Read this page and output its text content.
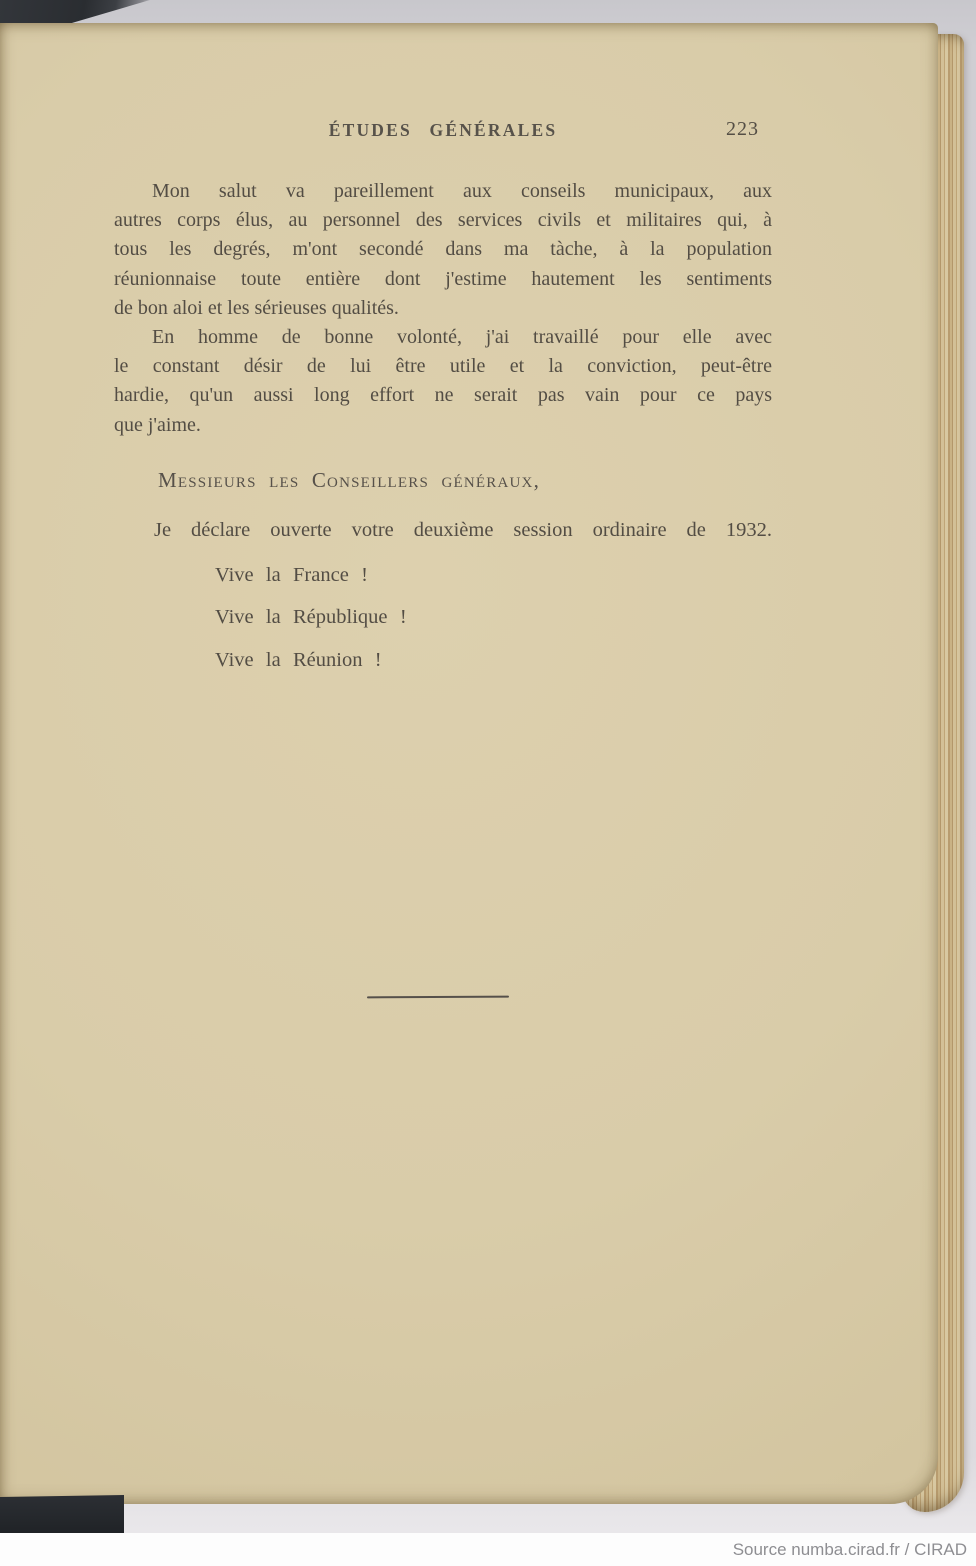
ÉTUDES GÉNÉRALES	223
Mon salut va pareillement aux conseils municipaux, aux
autres corps élus, au personnel des services civils et militaires qui, à
tous les degrés, m'ont secondé dans ma tàche, à la population
réunionnaise toute entière dont j'estime hautement les sentiments
de bon aloi et les sérieuses qualités.
En homme de bonne volonté, j'ai travaillé pour elle avec
le constant désir de lui être utile et la conviction, peut-être
hardie, qu'un aussi long effort ne serait pas vain pour ce pays
que j'aime.
Messieurs les Conseillers généraux,
Je déclare ouverte votre deuxième session ordinaire de 1932.
Vive la France !
Vive la République !
Vive la Réunion !
Source numba.cirad.fr / CIRAD
